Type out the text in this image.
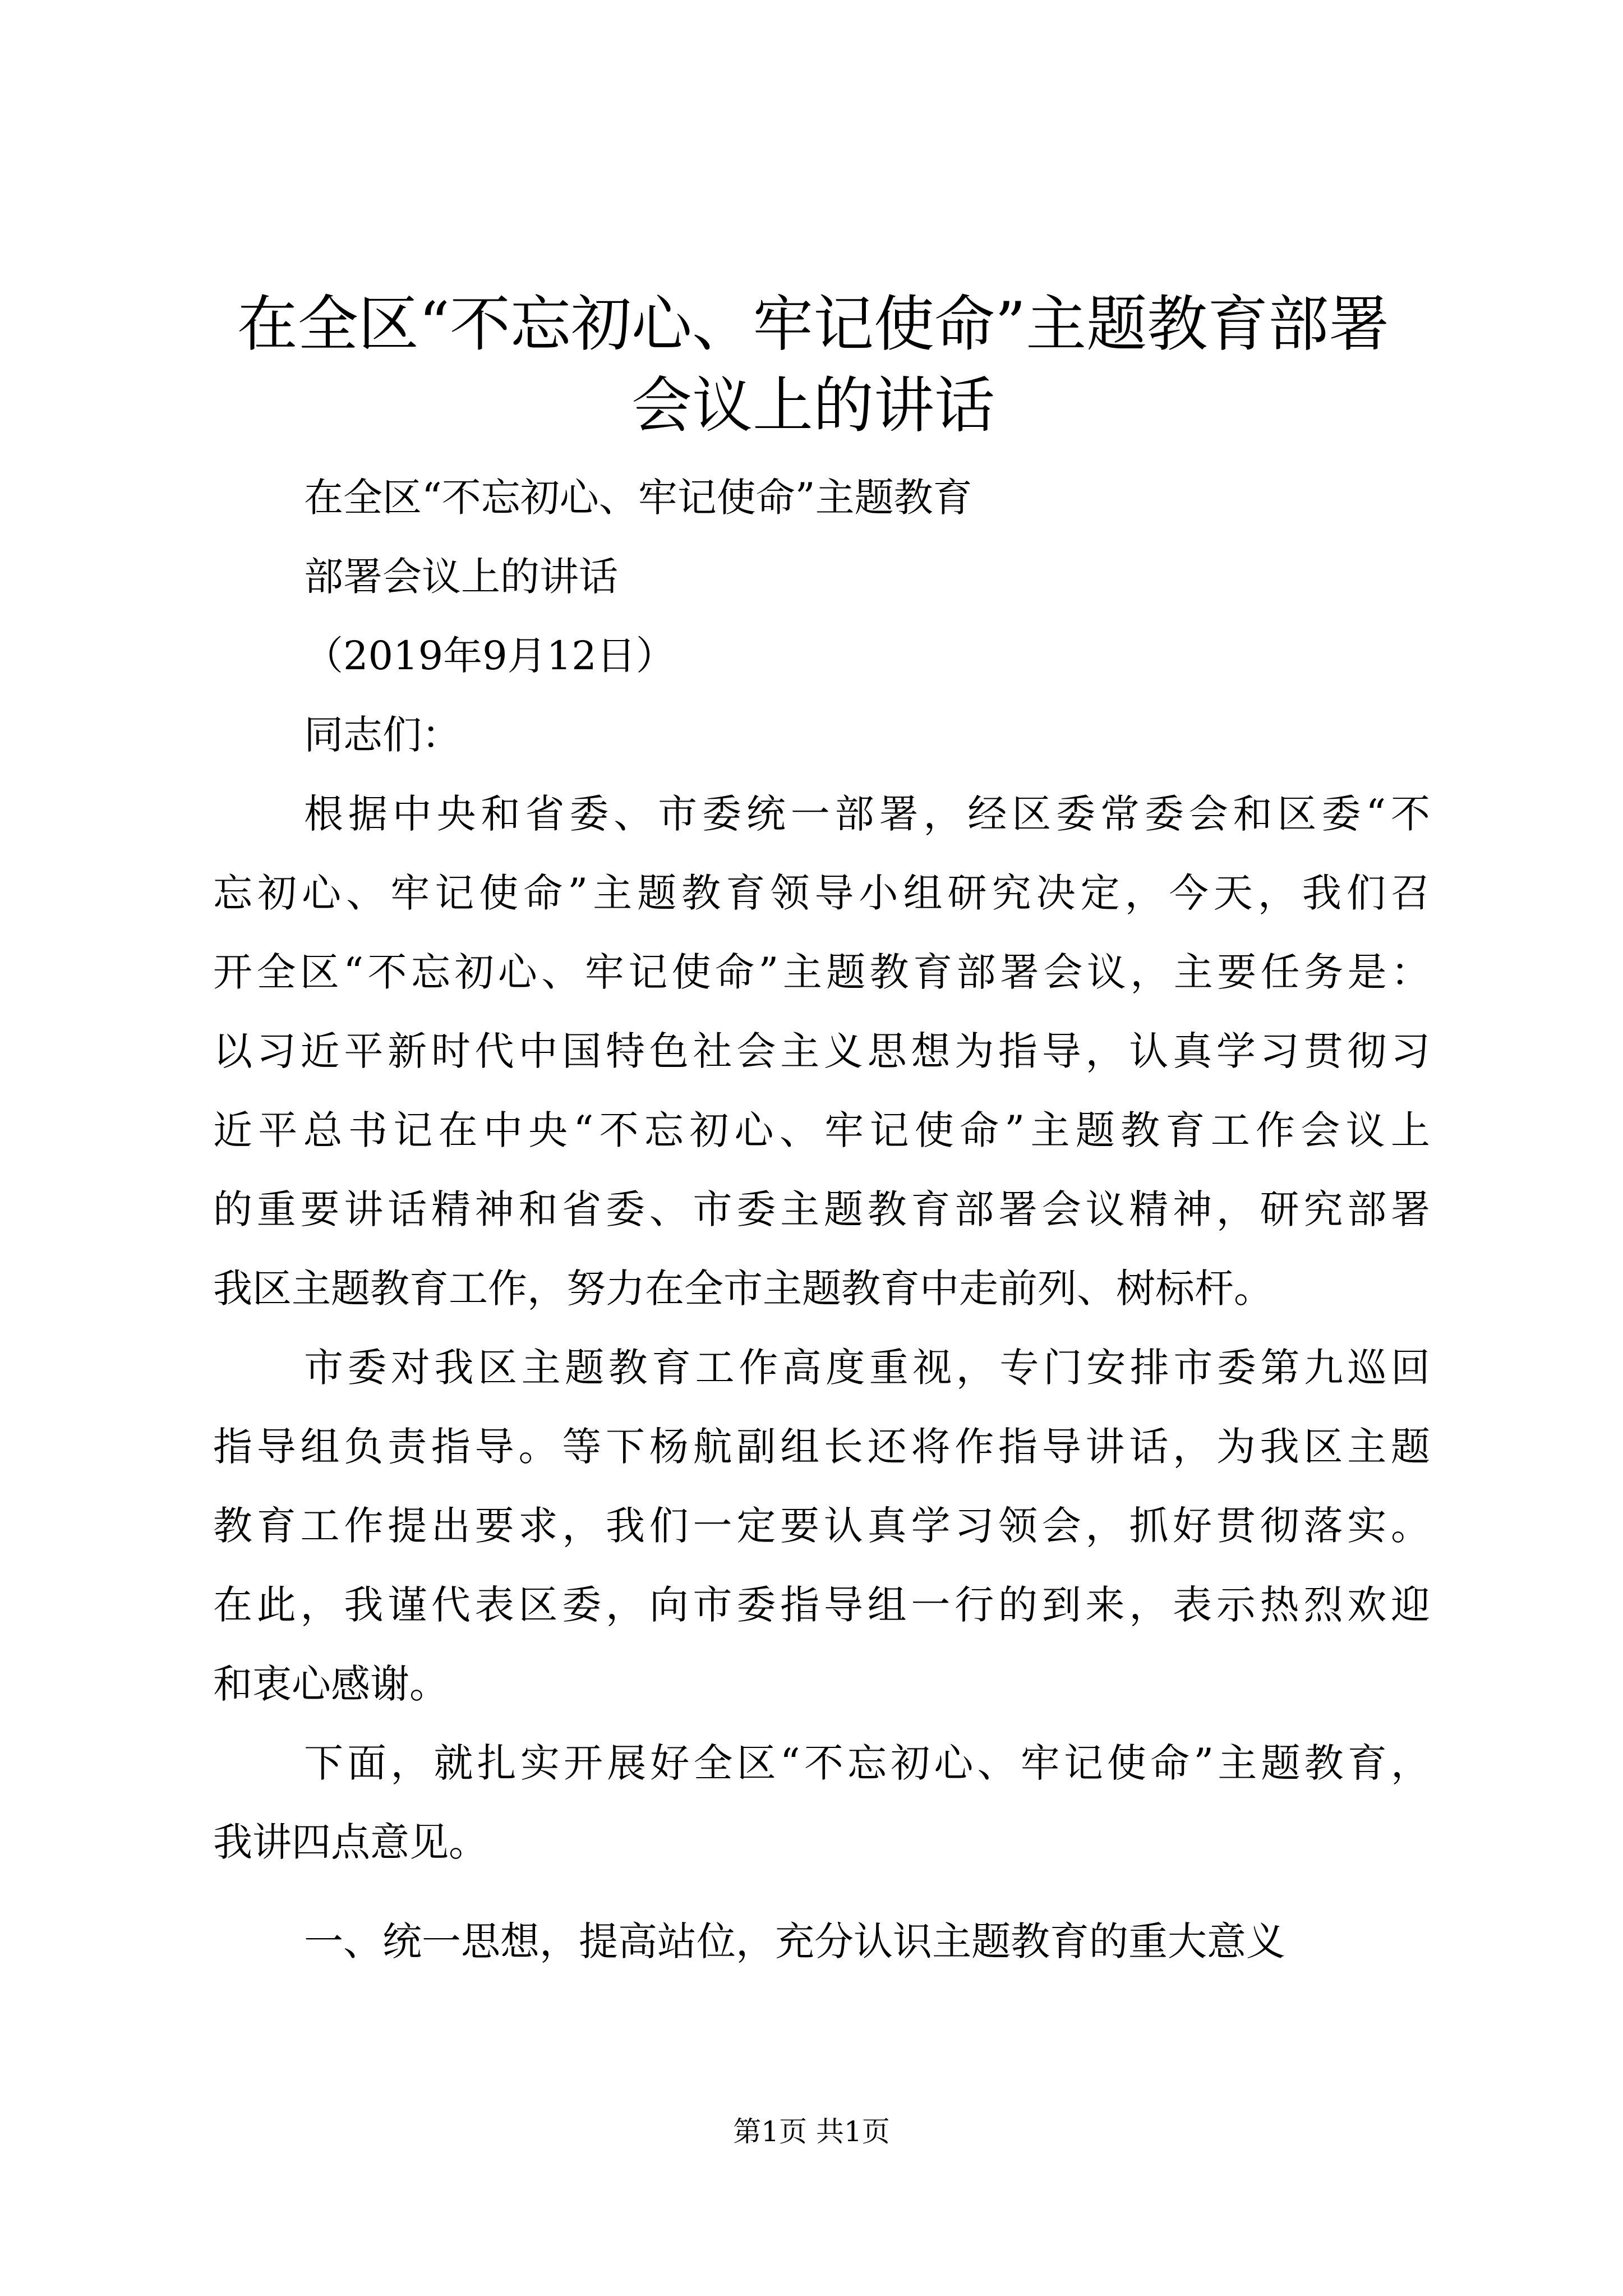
在全区“不忘初心、牢记使命”主题教育部署
会议上的讲话

在全区“不忘初心、牢记使命”主题教育

部署会议上的讲话

（2019年9月12日）

同志们：

根据中央和省委、市委统一部署，经区委常委会和区委“不

忘初心、牢记使命”主题教育领导小组研究决定，今天，我们召

开全区“不忘初心、牢记使命”主题教育部署会议，主要任务是：

以习近平新时代中国特色社会主义思想为指导，认真学习贯彻习

近平总书记在中央“不忘初心、牢记使命”主题教育工作会议上

的重要讲话精神和省委、市委主题教育部署会议精神，研究部署

我区主题教育工作，努力在全市主题教育中走前列、树标杆。

市委对我区主题教育工作高度重视，专门安排市委第九巡回

指导组负责指导。等下杨航副组长还将作指导讲话，为我区主题

教育工作提出要求，我们一定要认真学习领会，抓好贯彻落实。

在此，我谨代表区委，向市委指导组一行的到来，表示热烈欢迎

和衷心感谢。

下面，就扎实开展好全区“不忘初心、牢记使命”主题教育，

我讲四点意见。

一、统一思想，提高站位，充分认识主题教育的重大意义

第1页 共1页
